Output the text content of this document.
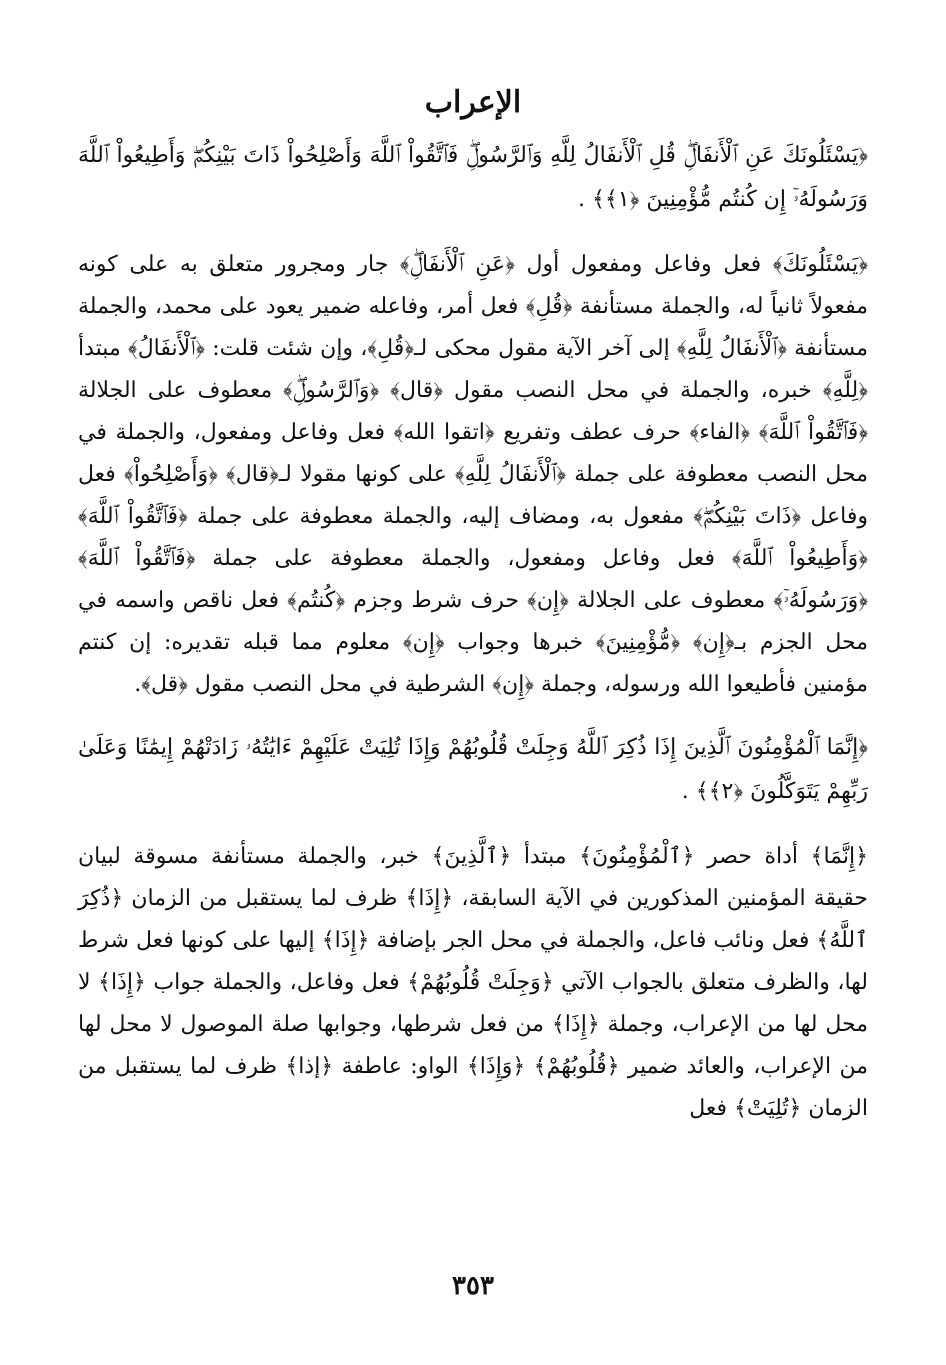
الإعراب

﴿يَسْئَلُونَكَ عَنِ ٱلْأَنفَالِۖ قُلِ ٱلْأَنفَالُ لِلَّهِ وَٱلرَّسُولِۖ فَٱتَّقُواْ ٱللَّهَ وَأَصْلِحُواْ ذَاتَ بَيْنِكُمْۖ وَأَطِيعُواْ ٱللَّهَ وَرَسُولَهُۥٓ إِن كُنتُم مُّؤْمِنِينَ ﴿١﴾﴾ .

﴿يَسْئَلُونَكَ﴾ فعل وفاعل ومفعول أول ﴿عَنِ ٱلْأَنفَالِۖ﴾ جار ومجرور متعلق به على كونه مفعولاً ثانياً له، والجملة مستأنفة ﴿قُلِ﴾ فعل أمر، وفاعله ضمير يعود على محمد، والجملة مستأنفة ﴿ٱلْأَنفَالُ لِلَّهِ﴾ إلى آخر الآية مقول محكى لـ﴿قُلِ﴾، وإن شئت قلت: ﴿ٱلْأَنفَالُ﴾ مبتدأ ﴿لِلَّهِ﴾ خبره، والجملة في محل النصب مقول ﴿قال﴾ ﴿وَٱلرَّسُولِۖ﴾ معطوف على الجلالة ﴿فَٱتَّقُواْ ٱللَّهَ﴾ ﴿الفاء﴾ حرف عطف وتفريع ﴿اتقوا الله﴾ فعل وفاعل ومفعول، والجملة في محل النصب معطوفة على جملة ﴿ٱلْأَنفَالُ لِلَّهِ﴾ على كونها مقولا لـ﴿قال﴾ ﴿وَأَصْلِحُواْ﴾ فعل وفاعل ﴿ذَاتَ بَيْنِكُمْۖ﴾ مفعول به، ومضاف إليه، والجملة معطوفة على جملة ﴿فَٱتَّقُواْ ٱللَّهَ﴾ ﴿وَأَطِيعُواْ ٱللَّهَ﴾ فعل وفاعل ومفعول، والجملة معطوفة على جملة ﴿فَٱتَّقُواْ ٱللَّهَ﴾ ﴿وَرَسُولَهُۥٓ﴾ معطوف على الجلالة ﴿إِن﴾ حرف شرط وجزم ﴿كُنتُم﴾ فعل ناقص واسمه في محل الجزم بـ﴿إِن﴾ ﴿مُّؤْمِنِينَ﴾ خبرها وجواب ﴿إِن﴾ معلوم مما قبله تقديره: إن كنتم مؤمنين فأطيعوا الله ورسوله، وجملة ﴿إِن﴾ الشرطية في محل النصب مقول ﴿قل﴾.

﴿إِنَّمَا ٱلْمُؤْمِنُونَ ٱلَّذِينَ إِذَا ذُكِرَ ٱللَّهُ وَجِلَتْ قُلُوبُهُمْ وَإِذَا تُلِيَتْ عَلَيْهِمْ ءَايَٰتُهُۥ زَادَتْهُمْ إِيمَٰنًا وَعَلَىٰ رَبِّهِمْ يَتَوَكَّلُونَ ﴿٢﴾﴾ .

﴿إِنَّمَا﴾ أداة حصر ﴿ٱلْمُؤْمِنُونَ﴾ مبتدأ ﴿ٱلَّذِينَ﴾ خبر، والجملة مستأنفة مسوقة لبيان حقيقة المؤمنين المذكورين في الآية السابقة، ﴿إِذَا﴾ ظرف لما يستقبل من الزمان ﴿ذُكِرَ ٱللَّهُ﴾ فعل ونائب فاعل، والجملة في محل الجر بإضافة ﴿إِذَا﴾ إليها على كونها فعل شرط لها، والظرف متعلق بالجواب الآتي ﴿وَجِلَتْ قُلُوبُهُمْ﴾ فعل وفاعل، والجملة جواب ﴿إِذَا﴾ لا محل لها من الإعراب، وجملة ﴿إِذَا﴾ من فعل شرطها، وجوابها صلة الموصول لا محل لها من الإعراب، والعائد ضمير ﴿قُلُوبُهُمْ﴾ ﴿وَإِذَا﴾ الواو: عاطفة ﴿إذا﴾ ظرف لما يستقبل من الزمان ﴿تُلِيَتْ﴾ فعل

٣٥٣
